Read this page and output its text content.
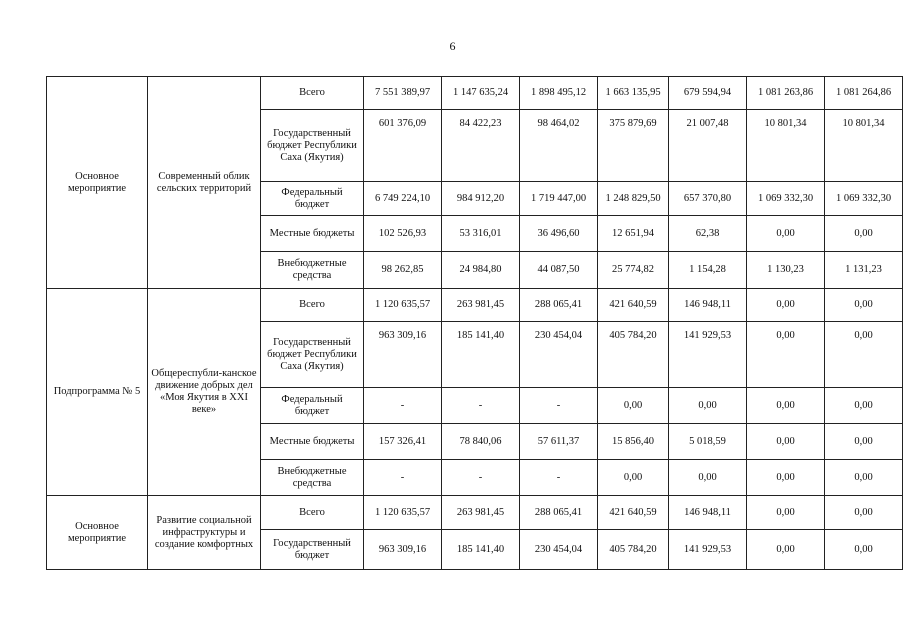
6
Основное мероприятие	Современный облик сельских территорий	Всего	7 551 389,97	1 147 635,24	1 898 495,12	1 663 135,95	679 594,94	1 081 263,86	1 081 264,86
		Государственный бюджет Республики Саха (Якутия)	601 376,09	84 422,23	98 464,02	375 879,69	21 007,48	10 801,34	10 801,34
		Федеральный бюджет	6 749 224,10	984 912,20	1 719 447,00	1 248 829,50	657 370,80	1 069 332,30	1 069 332,30
		Местные бюджеты	102 526,93	53 316,01	36 496,60	12 651,94	62,38	0,00	0,00
		Внебюджетные средства	98 262,85	24 984,80	44 087,50	25 774,82	1 154,28	1 130,23	1 131,23
Подпрограмма № 5	Общереспубли-канское движение добрых дел «Моя Якутия в XXI веке»	Всего	1 120 635,57	263 981,45	288 065,41	421 640,59	146 948,11	0,00	0,00
		Государственный бюджет Республики Саха (Якутия)	963 309,16	185 141,40	230 454,04	405 784,20	141 929,53	0,00	0,00
		Федеральный бюджет	-	-	-	0,00	0,00	0,00	0,00
		Местные бюджеты	157 326,41	78 840,06	57 611,37	15 856,40	5 018,59	0,00	0,00
		Внебюджетные средства	-	-	-	0,00	0,00	0,00	0,00
Основное мероприятие	Развитие социальной инфраструктуры и создание комфортных	Всего	1 120 635,57	263 981,45	288 065,41	421 640,59	146 948,11	0,00	0,00
		Государственный бюджет	963 309,16	185 141,40	230 454,04	405 784,20	141 929,53	0,00	0,00
